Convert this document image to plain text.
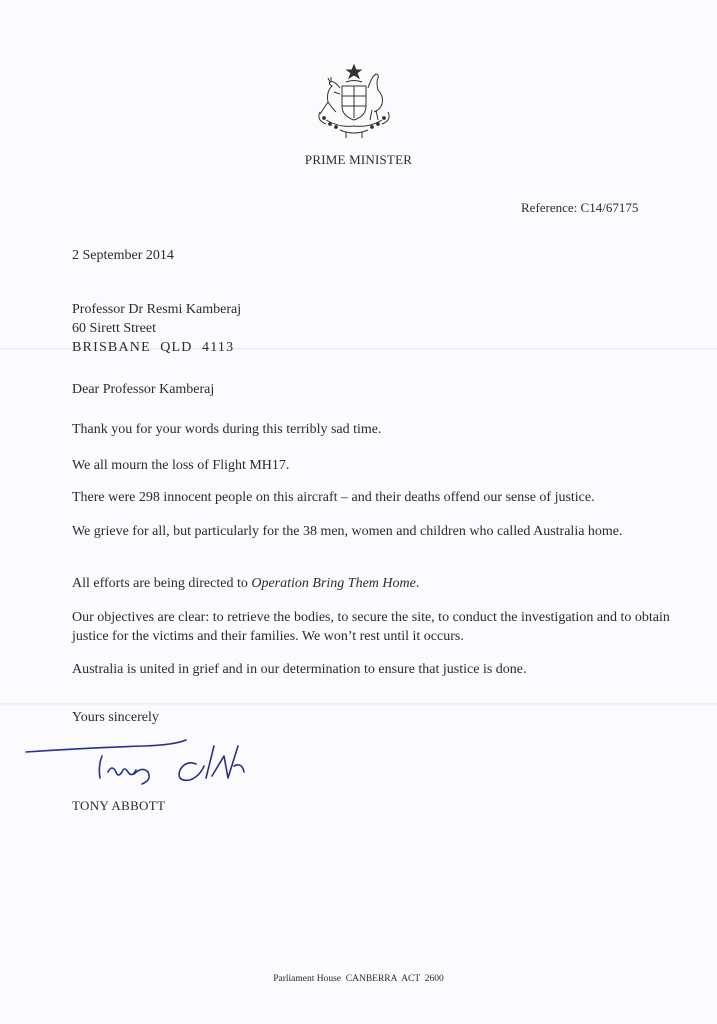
PRIME MINISTER
Reference: C14/67175
2 September 2014
Professor Dr Resmi Kamberaj
60 Sirett Street
BRISBANE  QLD  4113
Dear Professor Kamberaj

Thank you for your words during this terribly sad time.

We all mourn the loss of Flight MH17.

There were 298 innocent people on this aircraft – and their deaths offend our sense of justice.

We grieve for all, but particularly for the 38 men, women and children who called Australia home.

All efforts are being directed to Operation Bring Them Home.

Our objectives are clear: to retrieve the bodies, to secure the site, to conduct the investigation and to obtain justice for the victims and their families. We won’t rest until it occurs.

Australia is united in grief and in our determination to ensure that justice is done.

Yours sincerely
TONY ABBOTT
Parliament House  CANBERRA  ACT  2600
